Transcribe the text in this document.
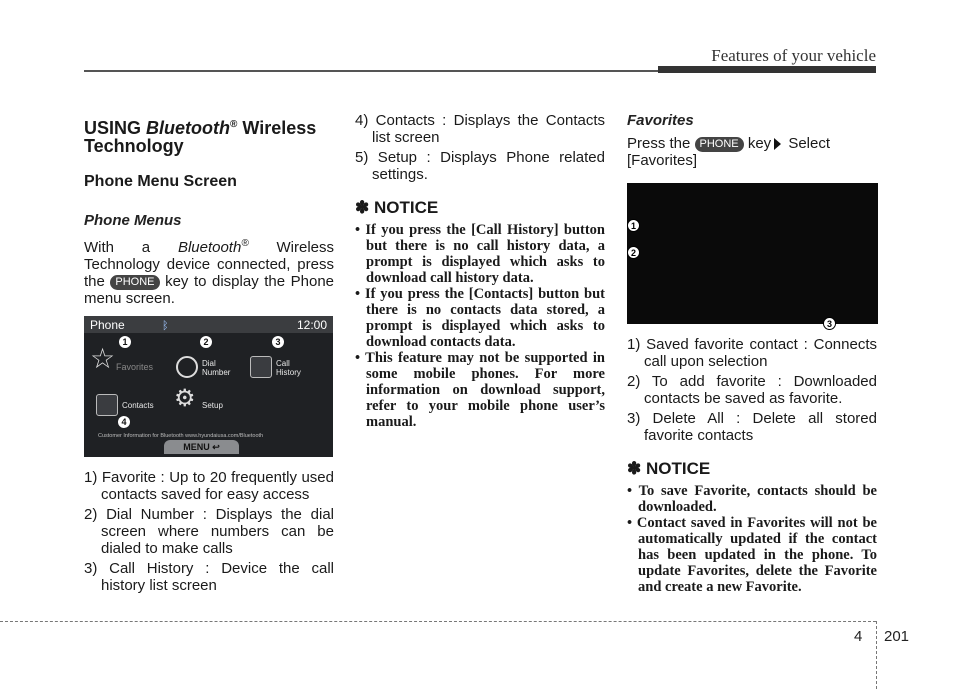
Features of your vehicle
USING Bluetooth® Wireless
Technology
Phone Menu Screen
Phone Menus
With a Bluetooth® Wireless Technology device connected, press the PHONE key to display the Phone menu screen.
Phone	ᛒ	12:00
☆ Favorites	Dial
Number
Call
History
Contacts ⚙ Setup
Customer Information for Bluetooth www.hyundaiusa.com/Bluetooth
MENU ↩
1	2	3
4
1) Favorite : Up to 20 frequently used contacts saved for easy access
2) Dial Number : Displays the dial screen where numbers can be dialed to make calls
3) Call History : Device the call history list screen
4) Contacts : Displays the Contacts list screen
5) Setup : Displays Phone related settings.
✽ NOTICE
• If you press the [Call History] button but there is no call history data, a prompt is displayed which asks to download call history data.
• If you press the [Contacts] button but there is no contacts data stored, a prompt is displayed which asks to download contacts data.
• This feature may not be supported in some mobile phones. For more information on download support, refer to your mobile phone user’s manual.
Favorites
Press the PHONE key Select [Favorites]
1
2
3
1) Saved favorite contact : Connects call upon selection
2) To add favorite : Downloaded contacts be saved as favorite.
3) Delete All : Delete all stored favorite contacts
✽ NOTICE
• To save Favorite, contacts should be downloaded.
• Contact saved in Favorites will not be automatically updated if the contact has been updated in the phone. To update Favorites, delete the Favorite and create a new Favorite.
4 201
